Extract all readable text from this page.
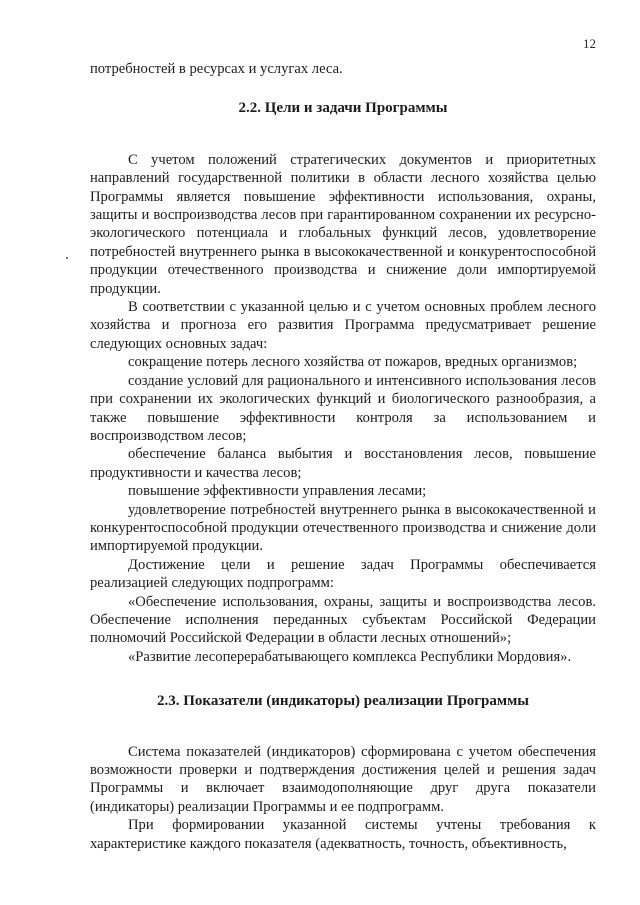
12

потребностей в ресурсах и услугах леса.

2.2. Цели и задачи Программы

С учетом положений стратегических документов и приоритетных направлений государственной политики в области лесного хозяйства целью Программы является повышение эффективности использования, охраны, защиты и воспроизводства лесов при гарантированном сохранении их ресурсно-экологического потенциала и глобальных функций лесов, удовлетворение потребностей внутреннего рынка в высококачественной и конкурентоспособной продукции отечественного производства и снижение доли импортируемой продукции.

В соответствии с указанной целью и с учетом основных проблем лесного хозяйства и прогноза его развития Программа предусматривает решение следующих основных задач:

сокращение потерь лесного хозяйства от пожаров, вредных организмов;

создание условий для рационального и интенсивного использования лесов при сохранении их экологических функций и биологического разнообразия, а также повышение эффективности контроля за использованием и воспроизводством лесов;

обеспечение баланса выбытия и восстановления лесов, повышение продуктивности и качества лесов;

повышение эффективности управления лесами;

удовлетворение потребностей внутреннего рынка в высококачественной и конкурентоспособной продукции отечественного производства и снижение доли импортируемой продукции.

Достижение цели и решение задач Программы обеспечивается реализацией следующих подпрограмм:

«Обеспечение использования, охраны, защиты и воспроизводства лесов. Обеспечение исполнения переданных субъектам Российской Федерации полномочий Российской Федерации в области лесных отношений»;

«Развитие лесоперерабатывающего комплекса Республики Мордовия».

2.3. Показатели (индикаторы) реализации Программы

Система показателей (индикаторов) сформирована с учетом обеспечения возможности проверки и подтверждения достижения целей и решения задач Программы и включает взаимодополняющие друг друга показатели (индикаторы) реализации Программы и ее подпрограмм.

При формировании указанной системы учтены требования к характеристике каждого показателя (адекватность, точность, объективность,
